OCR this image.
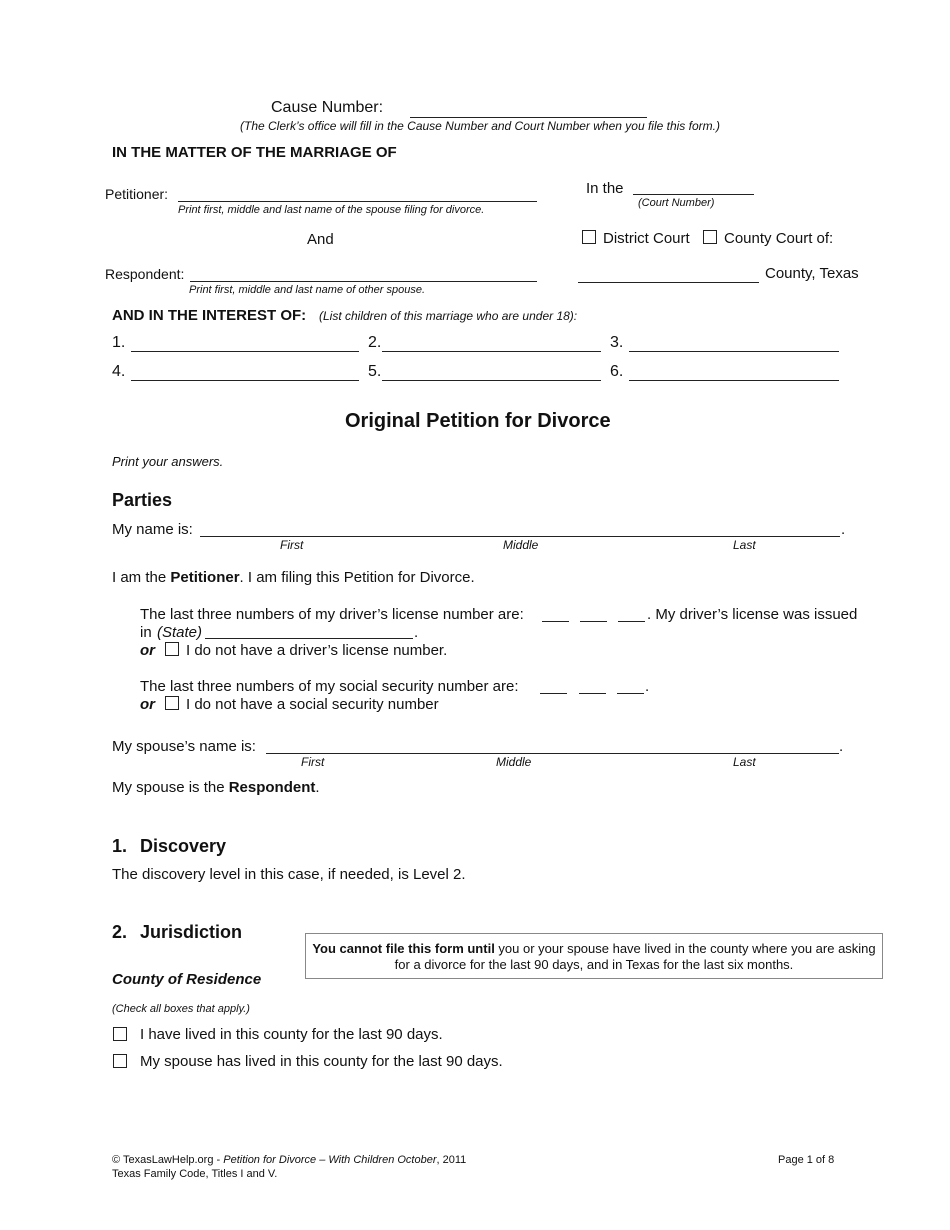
Cause Number:
(The Clerk’s office will fill in the Cause Number and Court Number when you file this form.)
IN THE MATTER OF THE MARRIAGE OF
Petitioner:
Print first, middle and last name of the spouse filing for divorce.
And
Respondent:
Print first, middle and last name of other spouse.
In the
(Court Number)
District Court County Court of:
County, Texas
AND IN THE INTEREST OF: (List children of this marriage who are under 18):
1.	2.	3.
4.	5.	6.
Original Petition for Divorce
Print your answers.
Parties
My name is:	.
First	Middle	Last
I am the Petitioner. I am filing this Petition for Divorce.
The last three numbers of my driver’s license number are:	. My driver’s license was issued
in (State)	.
or I do not have a driver’s license number.
The last three numbers of my social security number are:	.
or I do not have a social security number
My spouse’s name is:	.
First	Middle	Last
My spouse is the Respondent.
1. Discovery
The discovery level in this case, if needed, is Level 2.
2. Jurisdiction
You cannot file this form until you or your spouse have lived in the county where you are asking for a divorce for the last 90 days, and in Texas for the last six months.
County of Residence
(Check all boxes that apply.)
I have lived in this county for the last 90 days.
My spouse has lived in this county for the last 90 days.
© TexasLawHelp.org - Petition for Divorce – With Children October, 2011
Texas Family Code, Titles I and V.
Page 1 of 8
